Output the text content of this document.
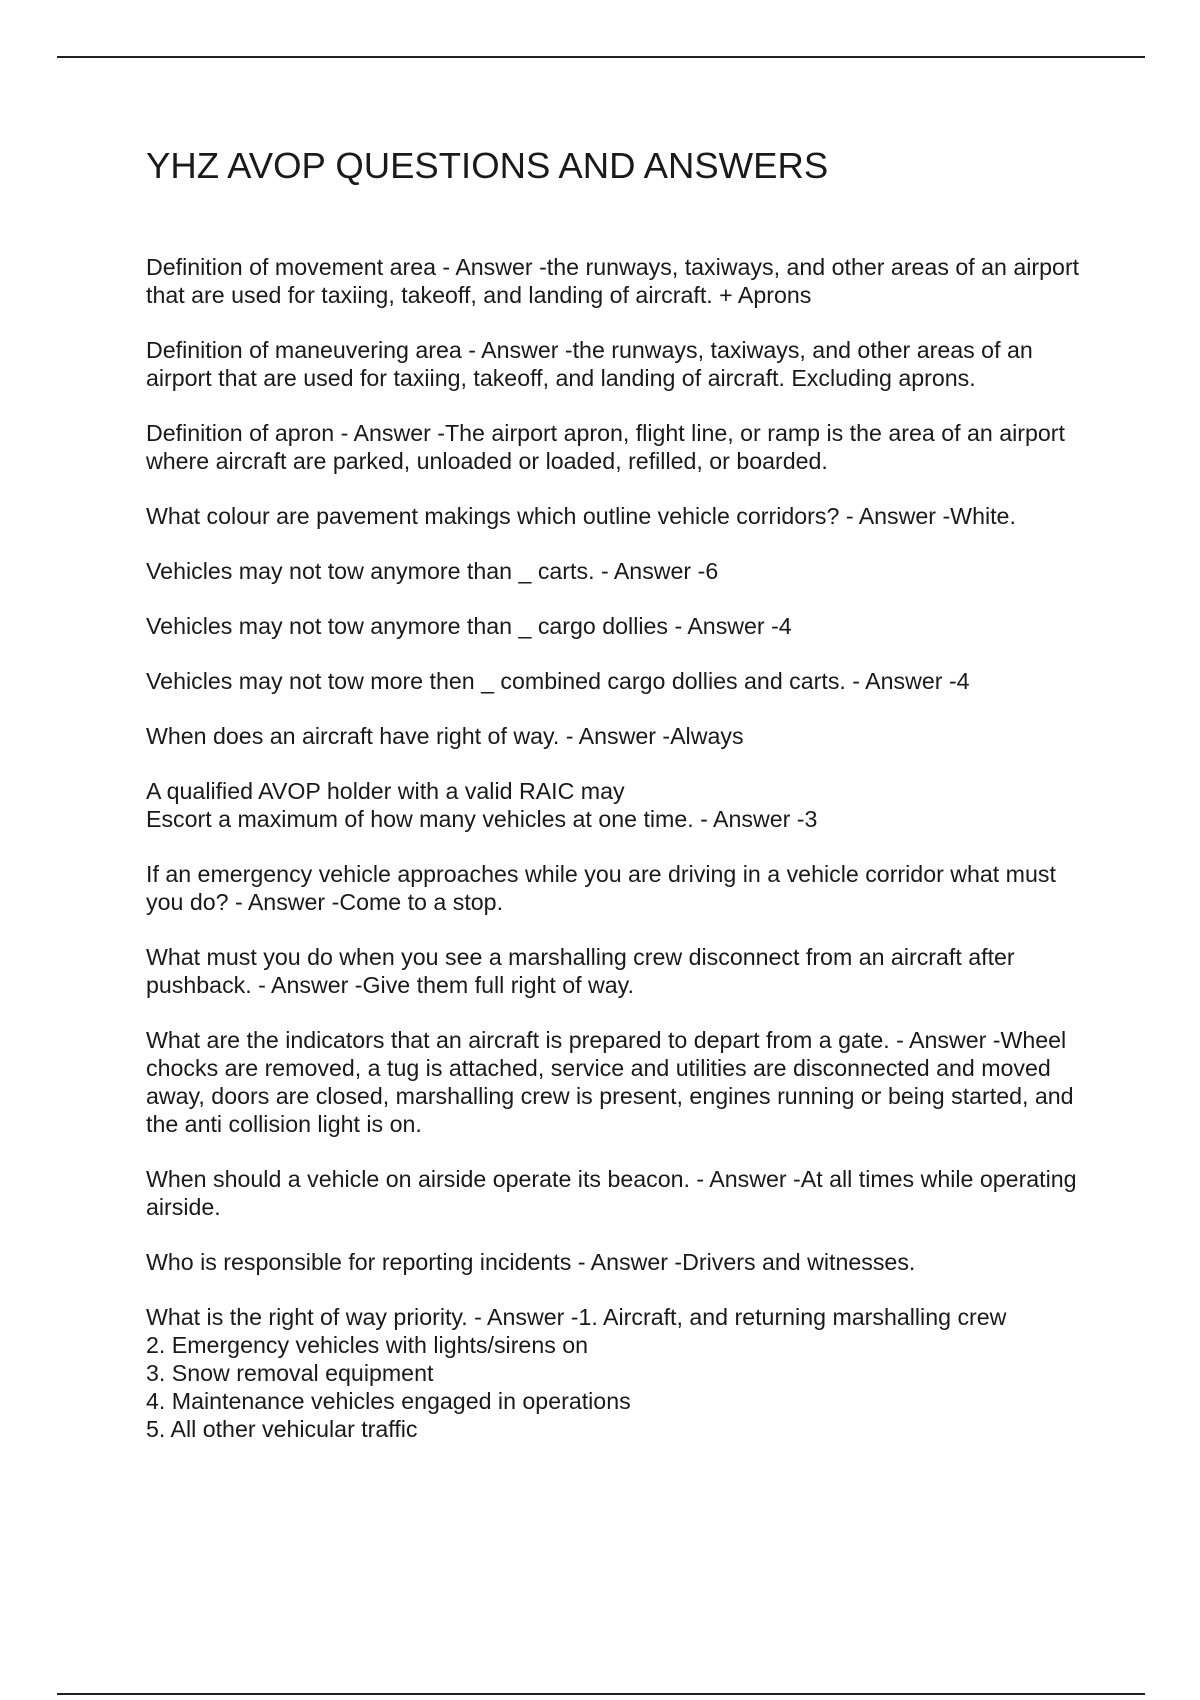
YHZ AVOP QUESTIONS AND ANSWERS

Definition of movement area - Answer -the runways, taxiways, and other areas of an airport that are used for taxiing, takeoff, and landing of aircraft. + Aprons

Definition of maneuvering area - Answer -the runways, taxiways, and other areas of an airport that are used for taxiing, takeoff, and landing of aircraft. Excluding aprons.

Definition of apron - Answer -The airport apron, flight line, or ramp is the area of an airport where aircraft are parked, unloaded or loaded, refilled, or boarded.

What colour are pavement makings which outline vehicle corridors? - Answer -White.

Vehicles may not tow anymore than _ carts. - Answer -6

Vehicles may not tow anymore than _ cargo dollies - Answer -4

Vehicles may not tow more then _ combined cargo dollies and carts. - Answer -4

When does an aircraft have right of way. - Answer -Always

A qualified AVOP holder with a valid RAIC may
Escort a maximum of how many vehicles at one time. - Answer -3

If an emergency vehicle approaches while you are driving in a vehicle corridor what must you do? - Answer -Come to a stop.

What must you do when you see a marshalling crew disconnect from an aircraft after pushback. - Answer -Give them full right of way.

What are the indicators that an aircraft is prepared to depart from a gate. - Answer -Wheel chocks are removed, a tug is attached, service and utilities are disconnected and moved away, doors are closed, marshalling crew is present, engines running or being started, and the anti collision light is on.

When should a vehicle on airside operate its beacon. - Answer -At all times while operating airside.

Who is responsible for reporting incidents - Answer -Drivers and witnesses.

What is the right of way priority. - Answer -1. Aircraft, and returning marshalling crew
2. Emergency vehicles with lights/sirens on
3. Snow removal equipment
4. Maintenance vehicles engaged in operations
5. All other vehicular traffic
